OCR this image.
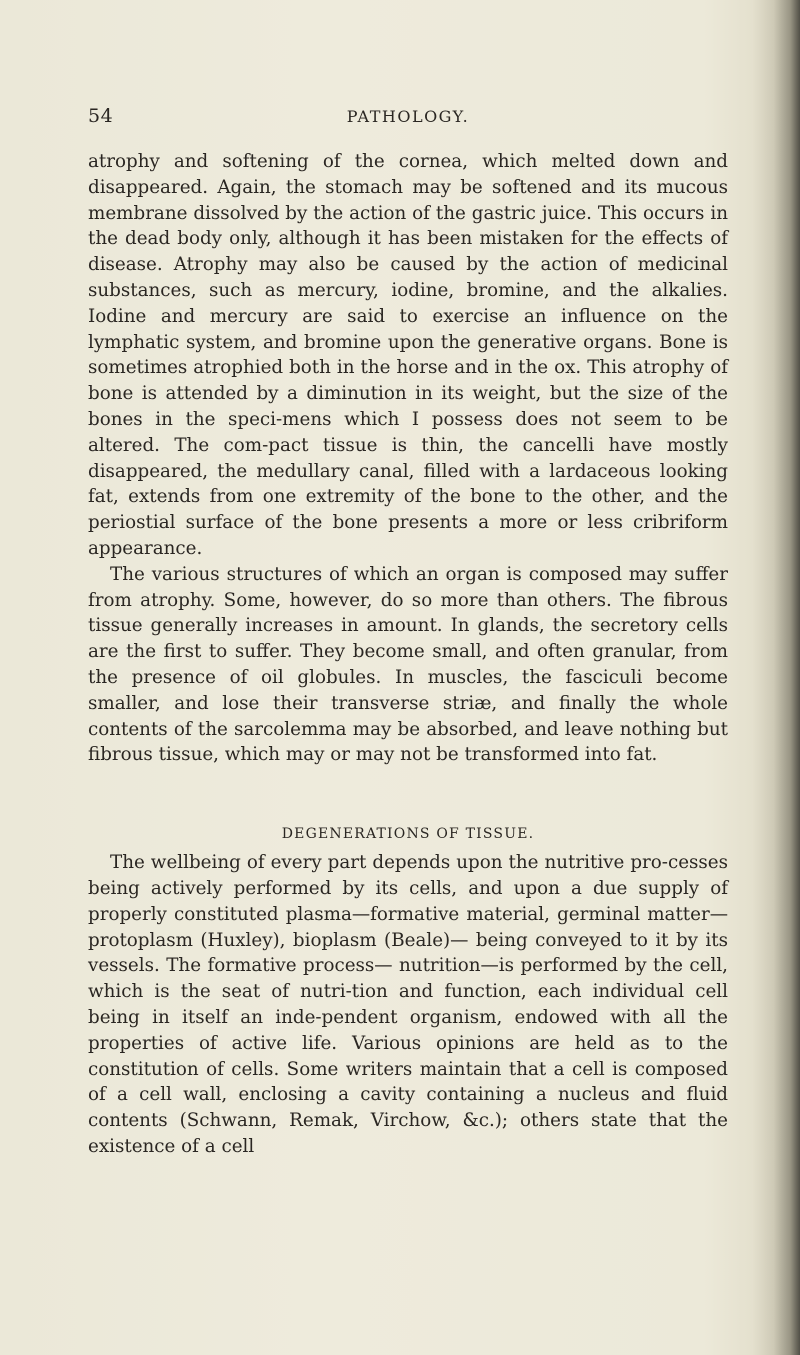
54	PATHOLOGY.

atrophy and softening of the cornea, which melted down and disappeared. Again, the stomach may be softened and its mucous membrane dissolved by the action of the gastric juice. This occurs in the dead body only, although it has been mistaken for the effects of disease. Atrophy may also be caused by the action of medicinal substances, such as mercury, iodine, bromine, and the alkalies. Iodine and mercury are said to exercise an influence on the lymphatic system, and bromine upon the generative organs. Bone is sometimes atrophied both in the horse and in the ox. This atrophy of bone is attended by a diminution in its weight, but the size of the bones in the speci-mens which I possess does not seem to be altered. The com-pact tissue is thin, the cancelli have mostly disappeared, the medullary canal, filled with a lardaceous looking fat, extends from one extremity of the bone to the other, and the periostial surface of the bone presents a more or less cribriform appearance.

The various structures of which an organ is composed may suffer from atrophy. Some, however, do so more than others. The fibrous tissue generally increases in amount. In glands, the secretory cells are the first to suffer. They become small, and often granular, from the presence of oil globules. In muscles, the fasciculi become smaller, and lose their transverse striæ, and finally the whole contents of the sarcolemma may be absorbed, and leave nothing but fibrous tissue, which may or may not be transformed into fat.

DEGENERATIONS OF TISSUE.

The wellbeing of every part depends upon the nutritive pro-cesses being actively performed by its cells, and upon a due supply of properly constituted plasma—formative material, germinal matter—protoplasm (Huxley), bioplasm (Beale)— being conveyed to it by its vessels. The formative process— nutrition—is performed by the cell, which is the seat of nutri-tion and function, each individual cell being in itself an inde-pendent organism, endowed with all the properties of active life. Various opinions are held as to the constitution of cells. Some writers maintain that a cell is composed of a cell wall, enclosing a cavity containing a nucleus and fluid contents (Schwann, Remak, Virchow, &c.); others state that the existence of a cell
